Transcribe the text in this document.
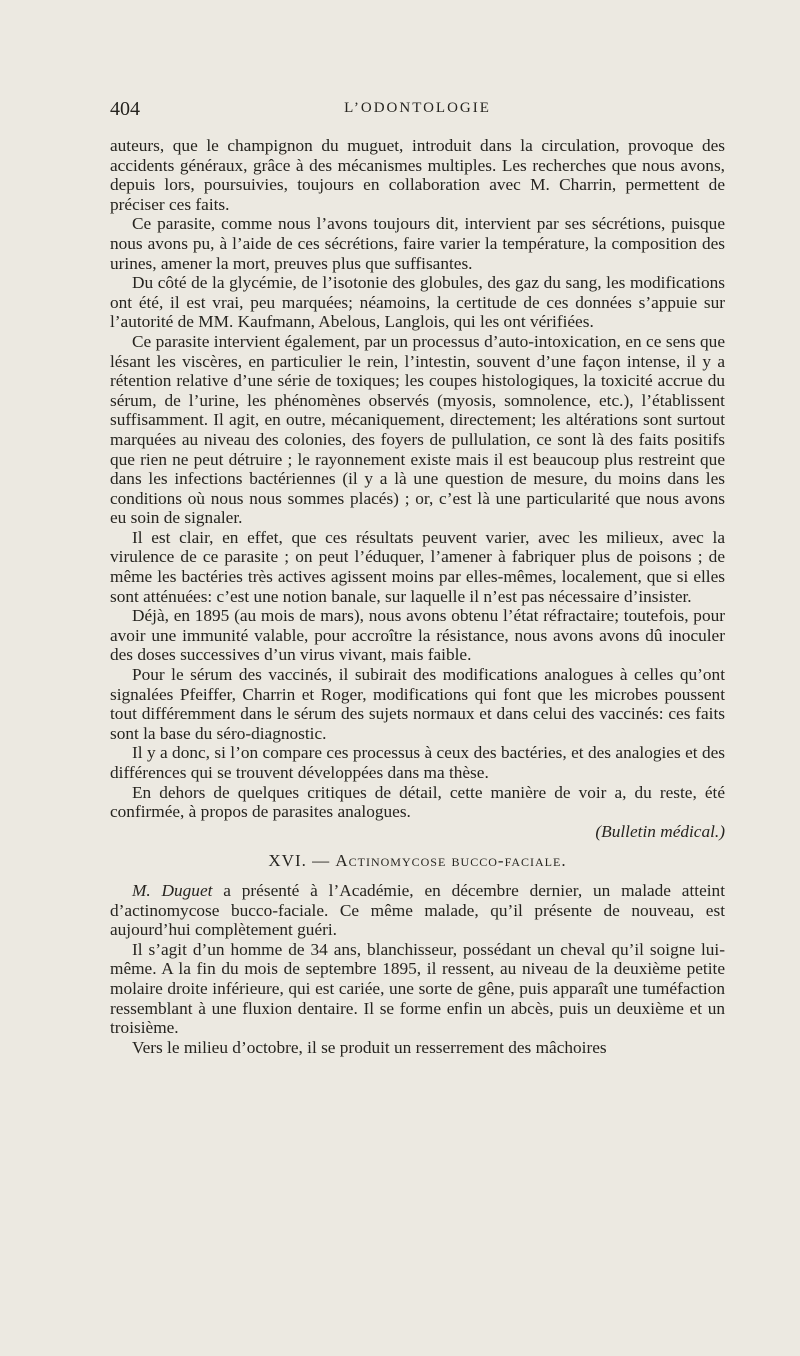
404	L’ODONTOLOGIE

auteurs, que le champignon du muguet, introduit dans la circulation, provoque des accidents généraux, grâce à des mécanismes multiples. Les recherches que nous avons, depuis lors, poursuivies, toujours en collaboration avec M. Charrin, permettent de préciser ces faits.

Ce parasite, comme nous l’avons toujours dit, intervient par ses sécrétions, puisque nous avons pu, à l’aide de ces sécrétions, faire varier la température, la composition des urines, amener la mort, preuves plus que suffisantes.

Du côté de la glycémie, de l’isotonie des globules, des gaz du sang, les modifications ont été, il est vrai, peu marquées; néamoins, la certitude de ces données s’appuie sur l’autorité de MM. Kaufmann, Abelous, Langlois, qui les ont vérifiées.

Ce parasite intervient également, par un processus d’auto-intoxication, en ce sens que lésant les viscères, en particulier le rein, l’intestin, souvent d’une façon intense, il y a rétention relative d’une série de toxiques; les coupes histologiques, la toxicité accrue du sérum, de l’urine, les phénomènes observés (myosis, somnolence, etc.), l’établissent suffisamment. Il agit, en outre, mécaniquement, directement; les altérations sont surtout marquées au niveau des colonies, des foyers de pullulation, ce sont là des faits positifs que rien ne peut détruire ; le rayonnement existe mais il est beaucoup plus restreint que dans les infections bactériennes (il y a là une question de mesure, du moins dans les conditions où nous nous sommes placés) ; or, c’est là une particularité que nous avons eu soin de signaler.

Il est clair, en effet, que ces résultats peuvent varier, avec les milieux, avec la virulence de ce parasite ; on peut l’éduquer, l’amener à fabriquer plus de poisons ; de même les bactéries très actives agissent moins par elles-mêmes, localement, que si elles sont atténuées: c’est une notion banale, sur laquelle il n’est pas nécessaire d’insister.

Déjà, en 1895 (au mois de mars), nous avons obtenu l’état réfractaire; toutefois, pour avoir une immunité valable, pour accroître la résistance, nous avons avons dû inoculer des doses successives d’un virus vivant, mais faible.

Pour le sérum des vaccinés, il subirait des modifications analogues à celles qu’ont signalées Pfeiffer, Charrin et Roger, modifications qui font que les microbes poussent tout différemment dans le sérum des sujets normaux et dans celui des vaccinés: ces faits sont la base du séro-diagnostic.

Il y a donc, si l’on compare ces processus à ceux des bactéries, et des analogies et des différences qui se trouvent développées dans ma thèse.

En dehors de quelques critiques de détail, cette manière de voir a, du reste, été confirmée, à propos de parasites analogues.

(Bulletin médical.)

XVI. — Actinomycose bucco-faciale.

M. Duguet a présenté à l’Académie, en décembre dernier, un malade atteint d’actinomycose bucco-faciale. Ce même malade, qu’il présente de nouveau, est aujourd’hui complètement guéri.

Il s’agit d’un homme de 34 ans, blanchisseur, possédant un cheval qu’il soigne lui-même. A la fin du mois de septembre 1895, il ressent, au niveau de la deuxième petite molaire droite inférieure, qui est cariée, une sorte de gêne, puis apparaît une tuméfaction ressemblant à une fluxion dentaire. Il se forme enfin un abcès, puis un deuxième et un troisième.

Vers le milieu d’octobre, il se produit un resserrement des mâchoires
